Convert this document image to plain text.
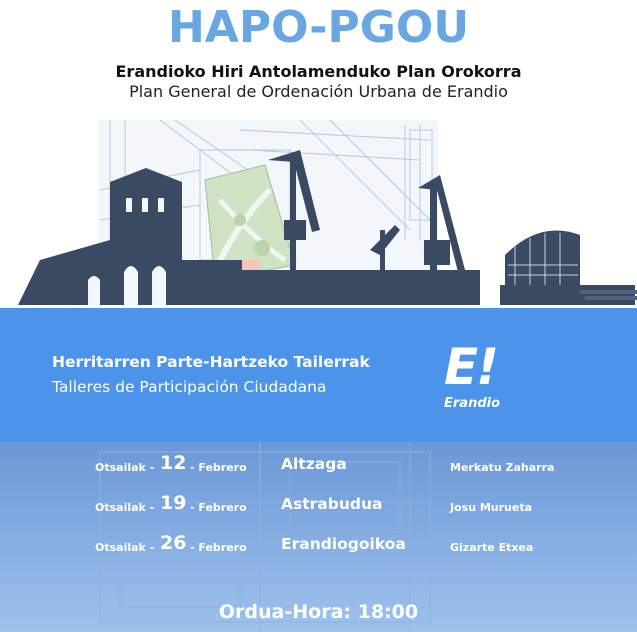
HAPO-PGOU
Erandioko Hiri Antolamenduko Plan Orokorra
Plan General de Ordenación Urbana de Erandio
Herritarren Parte-Hartzeko Tailerrak
Talleres de Participación Ciudadana E!
Erandio
Otsailak - 12 - Febrero Altzaga	Merkatu Zaharra
Otsailak - 19 - Febrero Astrabudua	Josu Murueta
Otsailak - 26 - Febrero Erandiogoikoa	Gizarte Etxea
Ordua-Hora: 18:00
